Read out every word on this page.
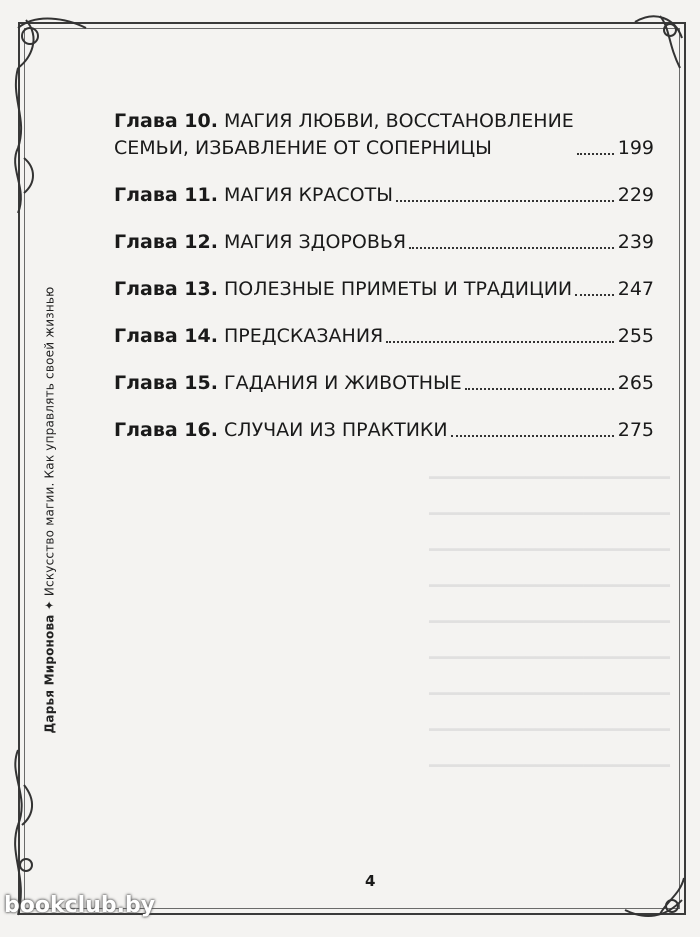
━━━━━━━━━━━━━━━━━━━━━━━━━
━━━━━━━━━━━━━━━━━━━━━━━━━
━━━━━━━━━━━━━━━━━━━━━━━━━
━━━━━━━━━━━━━━━━━━━━━━━━━
━━━━━━━━━━━━━━━━━━━━━━━━━
━━━━━━━━━━━━━━━━━━━━━━━━━
━━━━━━━━━━━━━━━━━━━━━━━━━
━━━━━━━━━━━━━━━━━━━━━━━━━
━━━━━━━━━━━━━━━━━━━━━━━━━
Дарья Миронова ✦ Искусство магии. Как управлять своей жизнью
Глава 10. МАГИЯ ЛЮБВИ, ВОССТАНОВЛЕНИЕ
СЕМЬИ, ИЗБАВЛЕНИЕ ОТ СОПЕРНИЦЫ	199
Глава 11. МАГИЯ КРАСОТЫ	229
Глава 12. МАГИЯ ЗДОРОВЬЯ	239
Глава 13. ПОЛЕЗНЫЕ ПРИМЕТЫ И ТРАДИЦИИ 247
Глава 14. ПРЕДСКАЗАНИЯ	255
Глава 15. ГАДАНИЯ И ЖИВОТНЫЕ	265
Глава 16. СЛУЧАИ ИЗ ПРАКТИКИ	275
4
bookclub.by
